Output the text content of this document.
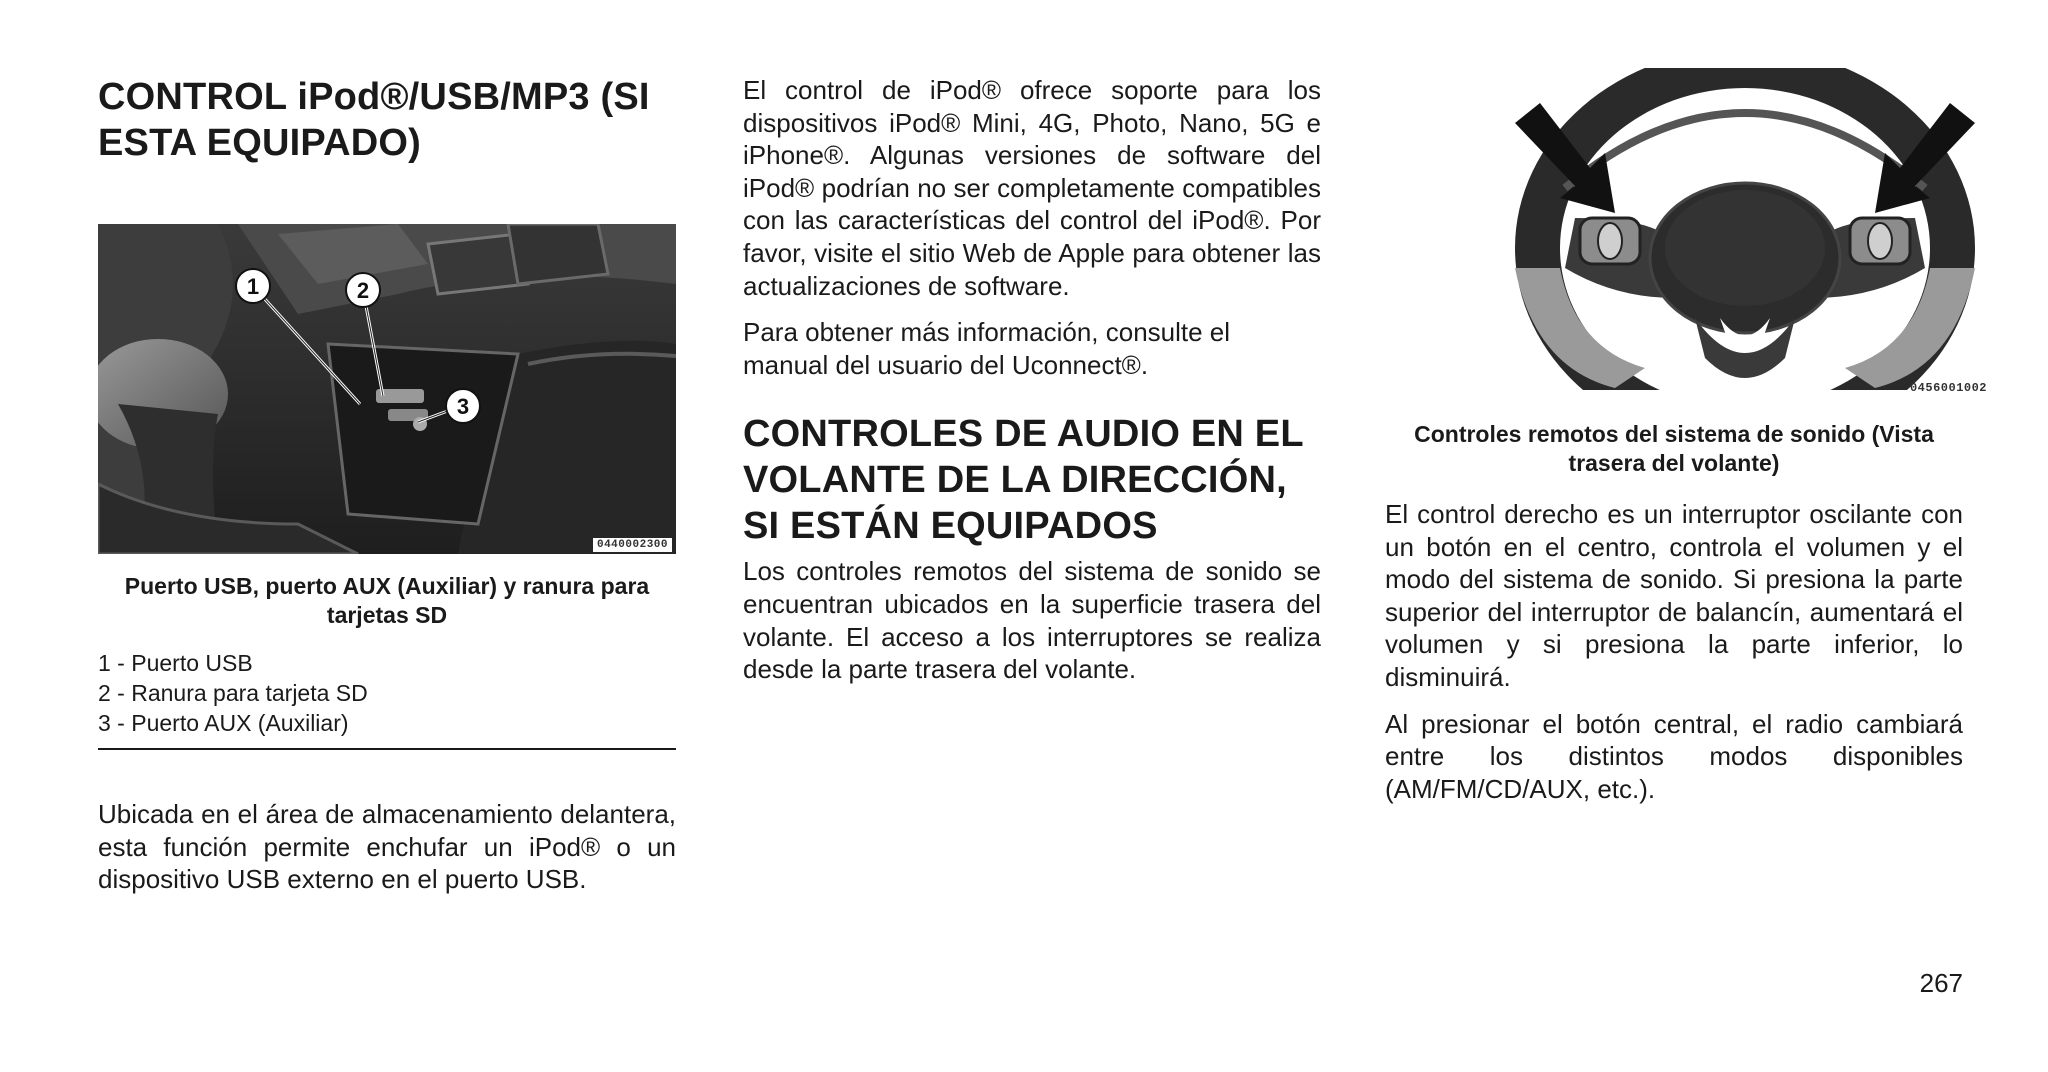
CONTROL iPod®/USB/MP3 (SI ESTA EQUIPADO)
1	2
3
0440002300

Puerto USB, puerto AUX (Auxiliar) y ranura para tarjetas SD

1 - Puerto USB
2 - Ranura para tarjeta SD
3 - Puerto AUX (Auxiliar)

Ubicada en el área de almacenamiento delantera, esta función permite enchufar un iPod® o un dispositivo USB externo en el puerto USB.

El control de iPod® ofrece soporte para los dispositivos iPod® Mini, 4G, Photo, Nano, 5G e iPhone®. Algunas versiones de software del iPod® podrían no ser completamente compatibles con las características del control del iPod®. Por favor, visite el sitio Web de Apple para obtener las actualizaciones de software.

Para obtener más información, consulte el manual del usuario del Uconnect®.

CONTROLES DE AUDIO EN EL VOLANTE DE LA DIRECCIÓN, SI ESTÁN EQUIPADOS

Los controles remotos del sistema de sonido se encuentran ubicados en la superficie trasera del volante. El acceso a los interruptores se realiza desde la parte trasera del volante.

0456001002

Controles remotos del sistema de sonido (Vista trasera del volante)

El control derecho es un interruptor oscilante con un botón en el centro, controla el volumen y el modo del sistema de sonido. Si presiona la parte superior del interruptor de balancín, aumentará el volumen y si presiona la parte inferior, lo disminuirá.

Al presionar el botón central, el radio cambiará entre los distintos modos disponibles (AM/FM/CD/AUX, etc.).

267
